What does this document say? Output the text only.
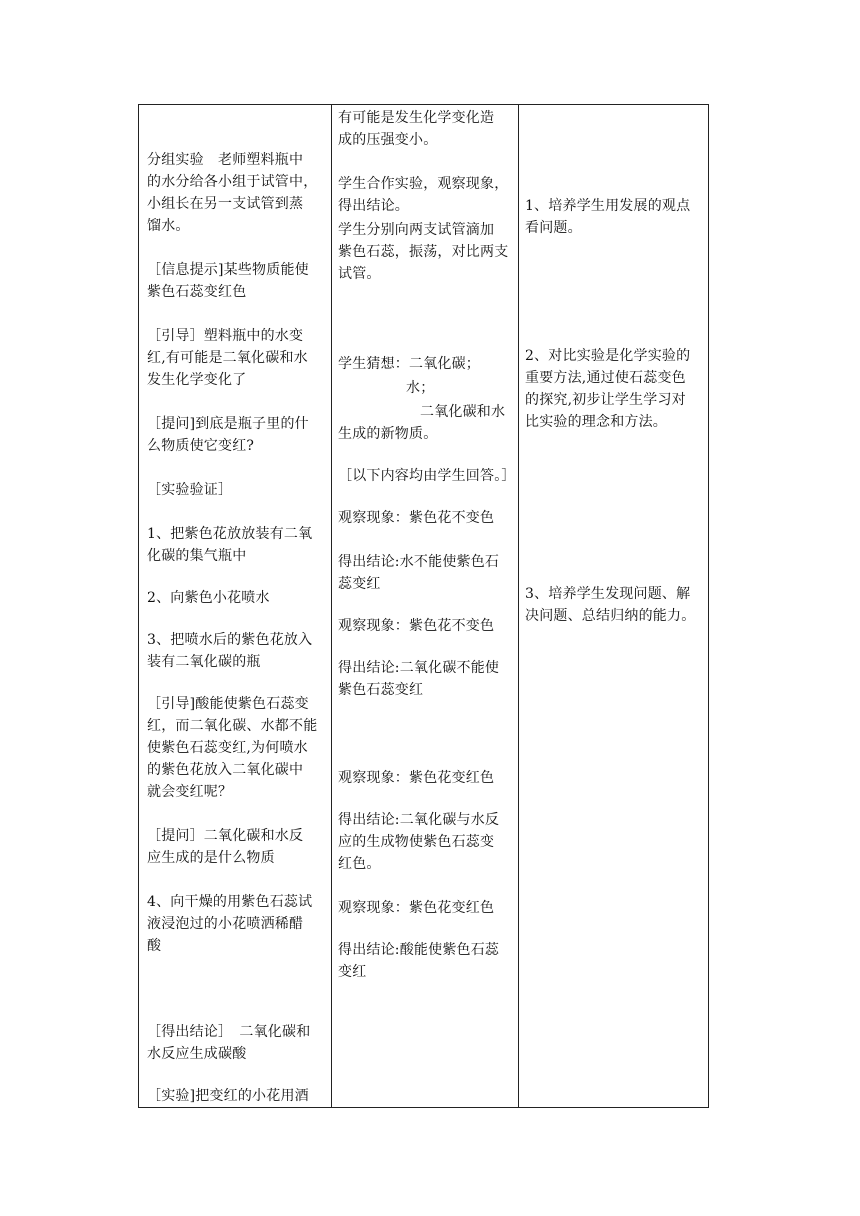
分组实验　老师塑料瓶中
的水分给各小组于试管中，
小组长在另一支试管到蒸
馏水。
［信息提示]某些物质能使
紫色石蕊变红色
［引导］塑料瓶中的水变
红,有可能是二氧化碳和水
发生化学变化了
［提问]到底是瓶子里的什
么物质使它变红?
［实验验证］
1、把紫色花放放装有二氧
化碳的集气瓶中
2、向紫色小花喷水
3、把喷水后的紫色花放入
装有二氧化碳的瓶
［引导]酸能使紫色石蕊变
红，而二氧化碳、水都不能
使紫色石蕊变红,为何喷水
的紫色花放入二氧化碳中
就会变红呢？
［提问］二氧化碳和水反
应生成的是什么物质
4、向干燥的用紫色石蕊试
液浸泡过的小花喷洒稀醋
酸
［得出结论］　二氧化碳和
水反应生成碳酸
［实验]把变红的小花用酒
有可能是发生化学变化造
成的压强变小。
学生合作实验，观察现象，
得出结论。
学生分别向两支试管滴加
紫色石蕊，振荡，对比两支
试管。
学生猜想：二氧化碳；
水；
二氧化碳和水
生成的新物质。
［以下内容均由学生回答。］
观察现象：紫色花不变色
得出结论:水不能使紫色石
蕊变红
观察现象：紫色花不变色
得出结论:二氧化碳不能使
紫色石蕊变红
观察现象：紫色花变红色
得出结论:二氧化碳与水反
应的生成物使紫色石蕊变
红色。
观察现象：紫色花变红色
得出结论:酸能使紫色石蕊
变红
1、培养学生用发展的观点
看问题。
2、对比实验是化学实验的
重要方法,通过使石蕊变色
的探究,初步让学生学习对
比实验的理念和方法。
3、培养学生发现问题、解
决问题、总结归纳的能力。
